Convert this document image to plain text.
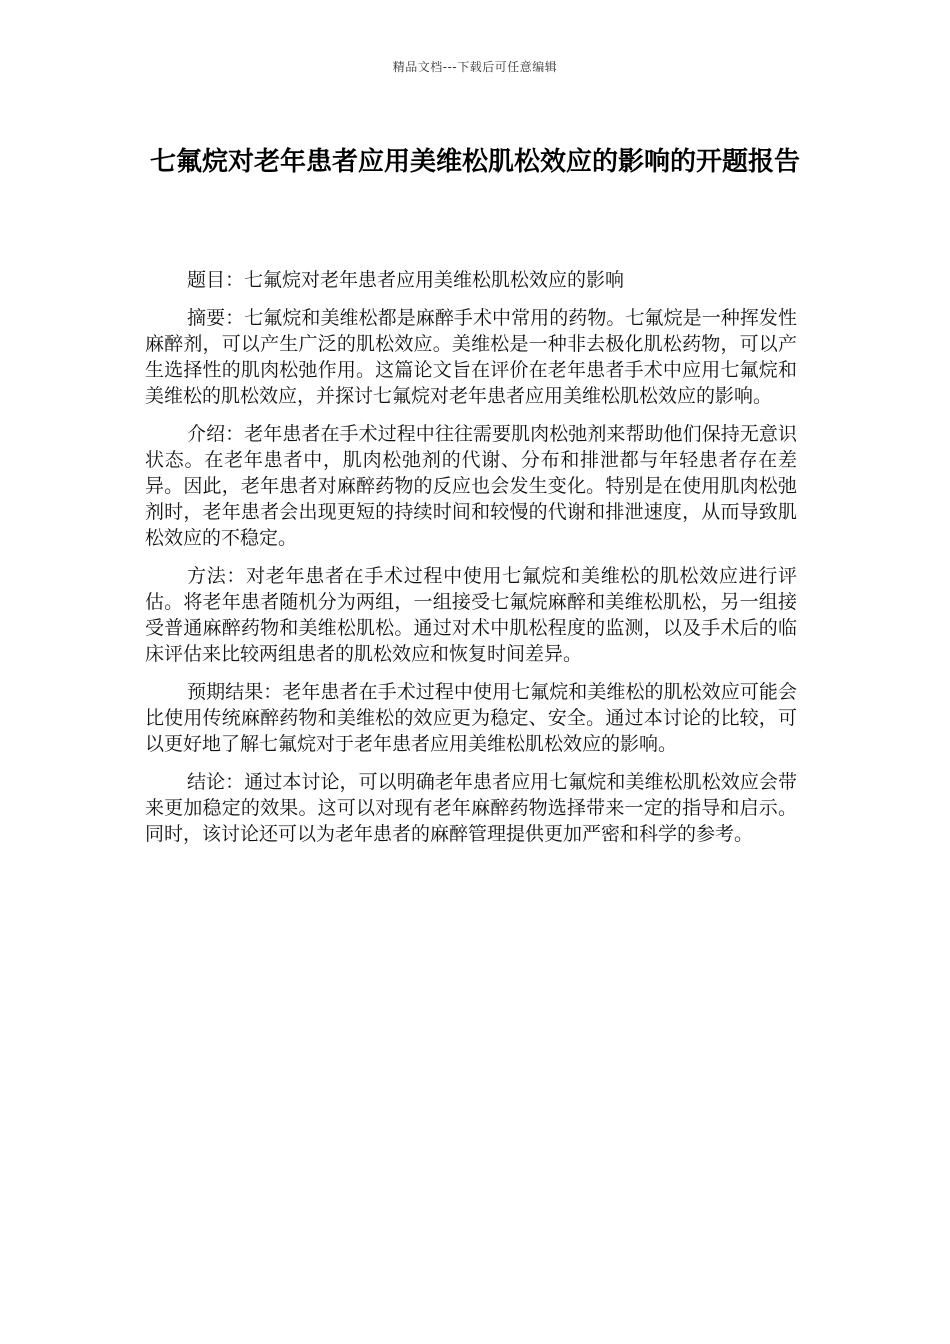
精品文档---下载后可任意编辑
七氟烷对老年患者应用美维松肌松效应的影响的开题报告

题目：七氟烷对老年患者应用美维松肌松效应的影响

摘要：七氟烷和美维松都是麻醉手术中常用的药物。七氟烷是一种挥发性麻醉剂，可以产生广泛的肌松效应。美维松是一种非去极化肌松药物，可以产生选择性的肌肉松弛作用。这篇论文旨在评价在老年患者手术中应用七氟烷和美维松的肌松效应，并探讨七氟烷对老年患者应用美维松肌松效应的影响。

介绍：老年患者在手术过程中往往需要肌肉松弛剂来帮助他们保持无意识状态。在老年患者中，肌肉松弛剂的代谢、分布和排泄都与年轻患者存在差异。因此，老年患者对麻醉药物的反应也会发生变化。特别是在使用肌肉松弛剂时，老年患者会出现更短的持续时间和较慢的代谢和排泄速度，从而导致肌松效应的不稳定。

方法：对老年患者在手术过程中使用七氟烷和美维松的肌松效应进行评估。将老年患者随机分为两组，一组接受七氟烷麻醉和美维松肌松，另一组接受普通麻醉药物和美维松肌松。通过对术中肌松程度的监测，以及手术后的临床评估来比较两组患者的肌松效应和恢复时间差异。

预期结果：老年患者在手术过程中使用七氟烷和美维松的肌松效应可能会比使用传统麻醉药物和美维松的效应更为稳定、安全。通过本讨论的比较，可以更好地了解七氟烷对于老年患者应用美维松肌松效应的影响。

结论：通过本讨论，可以明确老年患者应用七氟烷和美维松肌松效应会带来更加稳定的效果。这可以对现有老年麻醉药物选择带来一定的指导和启示。同时，该讨论还可以为老年患者的麻醉管理提供更加严密和科学的参考。
